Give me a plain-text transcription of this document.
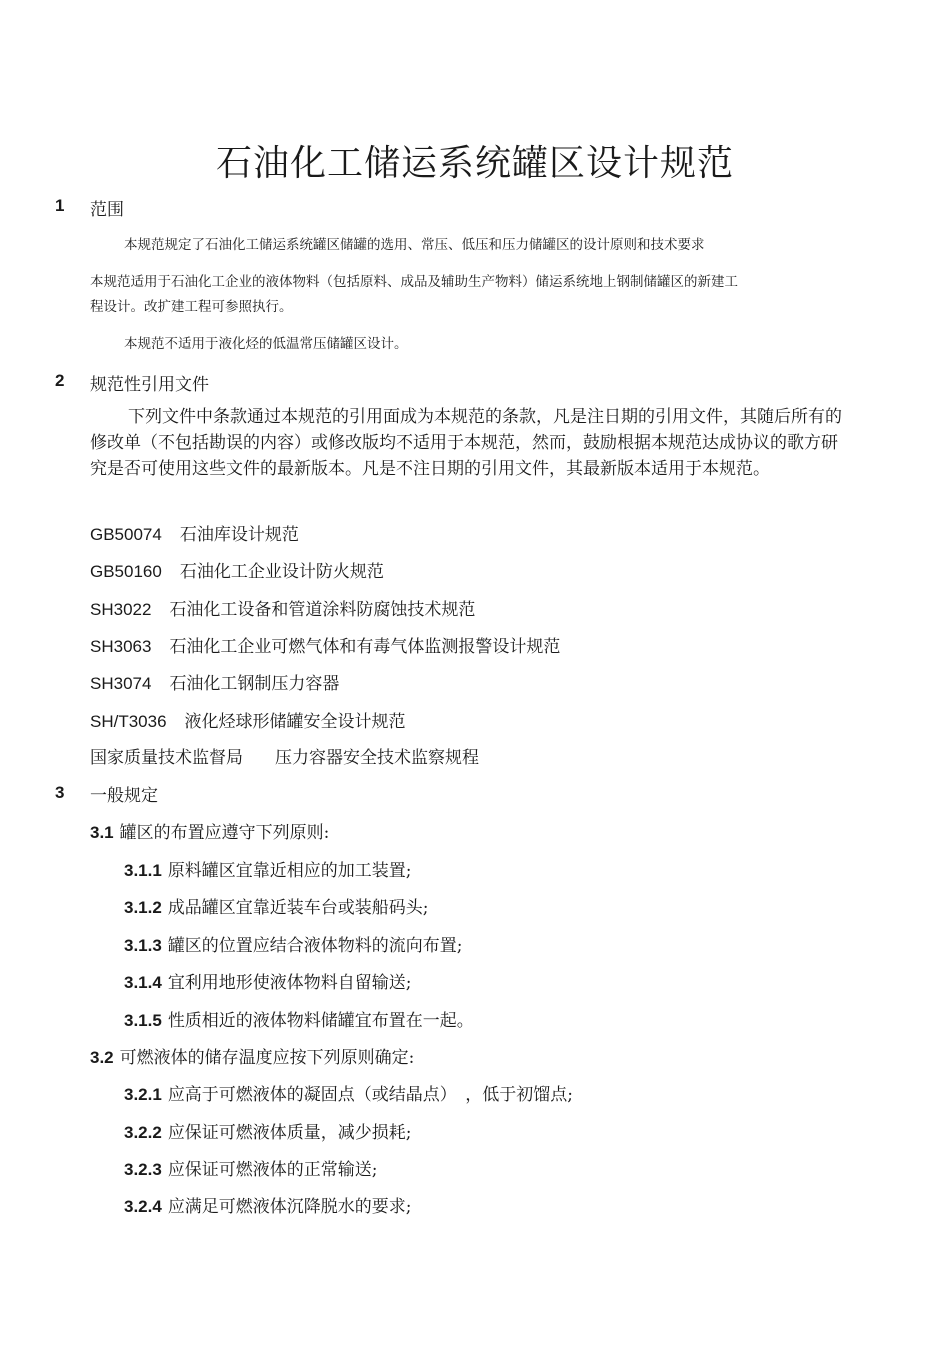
石油化工储运系统罐区设计规范
1 范围
本规范规定了石油化工储运系统罐区储罐的选用、常压、低压和压力储罐区的设计原则和技术要求
本规范适用于石油化工企业的液体物料（包括原料、成品及辅助生产物料）储运系统地上钢制储罐区的新建工
程设计。改扩建工程可参照执行。
本规范不适用于液化烃的低温常压储罐区设计。
2 规范性引用文件
下列文件中条款通过本规范的引用面成为本规范的条款，凡是注日期的引用文件，其随后所有的修改单（不包括勘误的内容）或修改版均不适用于本规范，然而，鼓励根据本规范达成协议的歌方研究是否可使用这些文件的最新版本。凡是不注日期的引用文件，其最新版本适用于本规范。
GB50074 石油库设计规范
GB50160 石油化工企业设计防火规范
SH3022 石油化工设备和管道涂料防腐蚀技术规范
SH3063 石油化工企业可燃气体和有毒气体监测报警设计规范
SH3074 石油化工钢制压力容器
SH/T3036 液化烃球形储罐安全设计规范
国家质量技术监督局 压力容器安全技术监察规程
3 一般规定
3.1 罐区的布置应遵守下列原则:
3.1.1 原料罐区宜靠近相应的加工装置;
3.1.2 成品罐区宜靠近装车台或装船码头;
3.1.3 罐区的位置应结合液体物料的流向布置;
3.1.4 宜利用地形使液体物料自留输送;
3.1.5 性质相近的液体物料储罐宜布置在一起。
3.2 可燃液体的储存温度应按下列原则确定:
3.2.1 应高于可燃液体的凝固点（或结晶点）　，低于初馏点;
3.2.2 应保证可燃液体质量，减少损耗;
3.2.3 应保证可燃液体的正常输送;
3.2.4 应满足可燃液体沉降脱水的要求;
